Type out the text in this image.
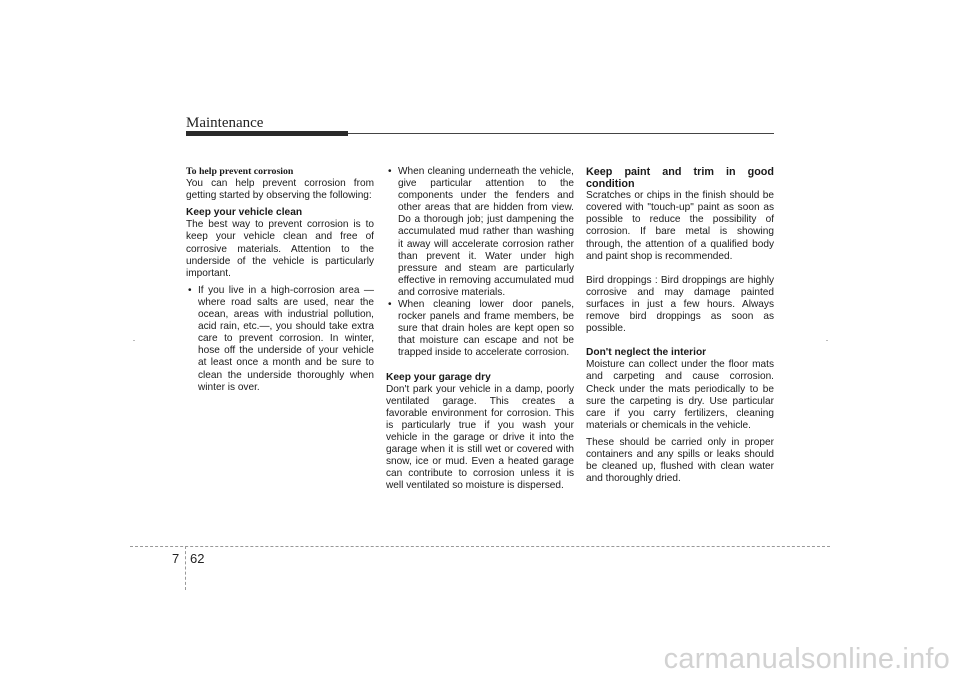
Maintenance

To help prevent corrosion

You can help prevent corrosion from getting started by observing the following:

Keep your vehicle clean

The best way to prevent corrosion is to keep your vehicle clean and free of corrosive materials. Attention to the underside of the vehicle is particularly important.

• If you live in a high-corrosion area — where road salts are used, near the ocean, areas with industrial pollution, acid rain, etc.—, you should take extra care to prevent corrosion. In winter, hose off the underside of your vehicle at least once a month and be sure to clean the underside thoroughly when winter is over.
• When cleaning underneath the vehicle, give particular attention to the components under the fenders and other areas that are hidden from view. Do a thorough job; just dampening the accumulated mud rather than washing it away will accelerate corrosion rather than prevent it. Water under high pressure and steam are particularly effective in removing accumulated mud and corrosive materials.
• When cleaning lower door panels, rocker panels and frame members, be sure that drain holes are kept open so that moisture can escape and not be trapped inside to accelerate corrosion.

Keep your garage dry

Don't park your vehicle in a damp, poorly ventilated garage. This creates a favorable environment for corrosion. This is particularly true if you wash your vehicle in the garage or drive it into the garage when it is still wet or covered with snow, ice or mud. Even a heated garage can contribute to corrosion unless it is well ventilated so moisture is dispersed.

Keep paint and trim in good condition

Scratches or chips in the finish should be covered with "touch-up" paint as soon as possible to reduce the possibility of corrosion. If bare metal is showing through, the attention of a qualified body and paint shop is recommended.

Bird droppings : Bird droppings are highly corrosive and may damage painted surfaces in just a few hours. Always remove bird droppings as soon as possible.

Don't neglect the interior

Moisture can collect under the floor mats and carpeting and cause corrosion. Check under the mats periodically to be sure the carpeting is dry. Use particular care if you carry fertilizers, cleaning materials or chemicals in the vehicle.

These should be carried only in proper containers and any spills or leaks should be cleaned up, flushed with clean water and thoroughly dried.

7 62
carmanualsonline.info
